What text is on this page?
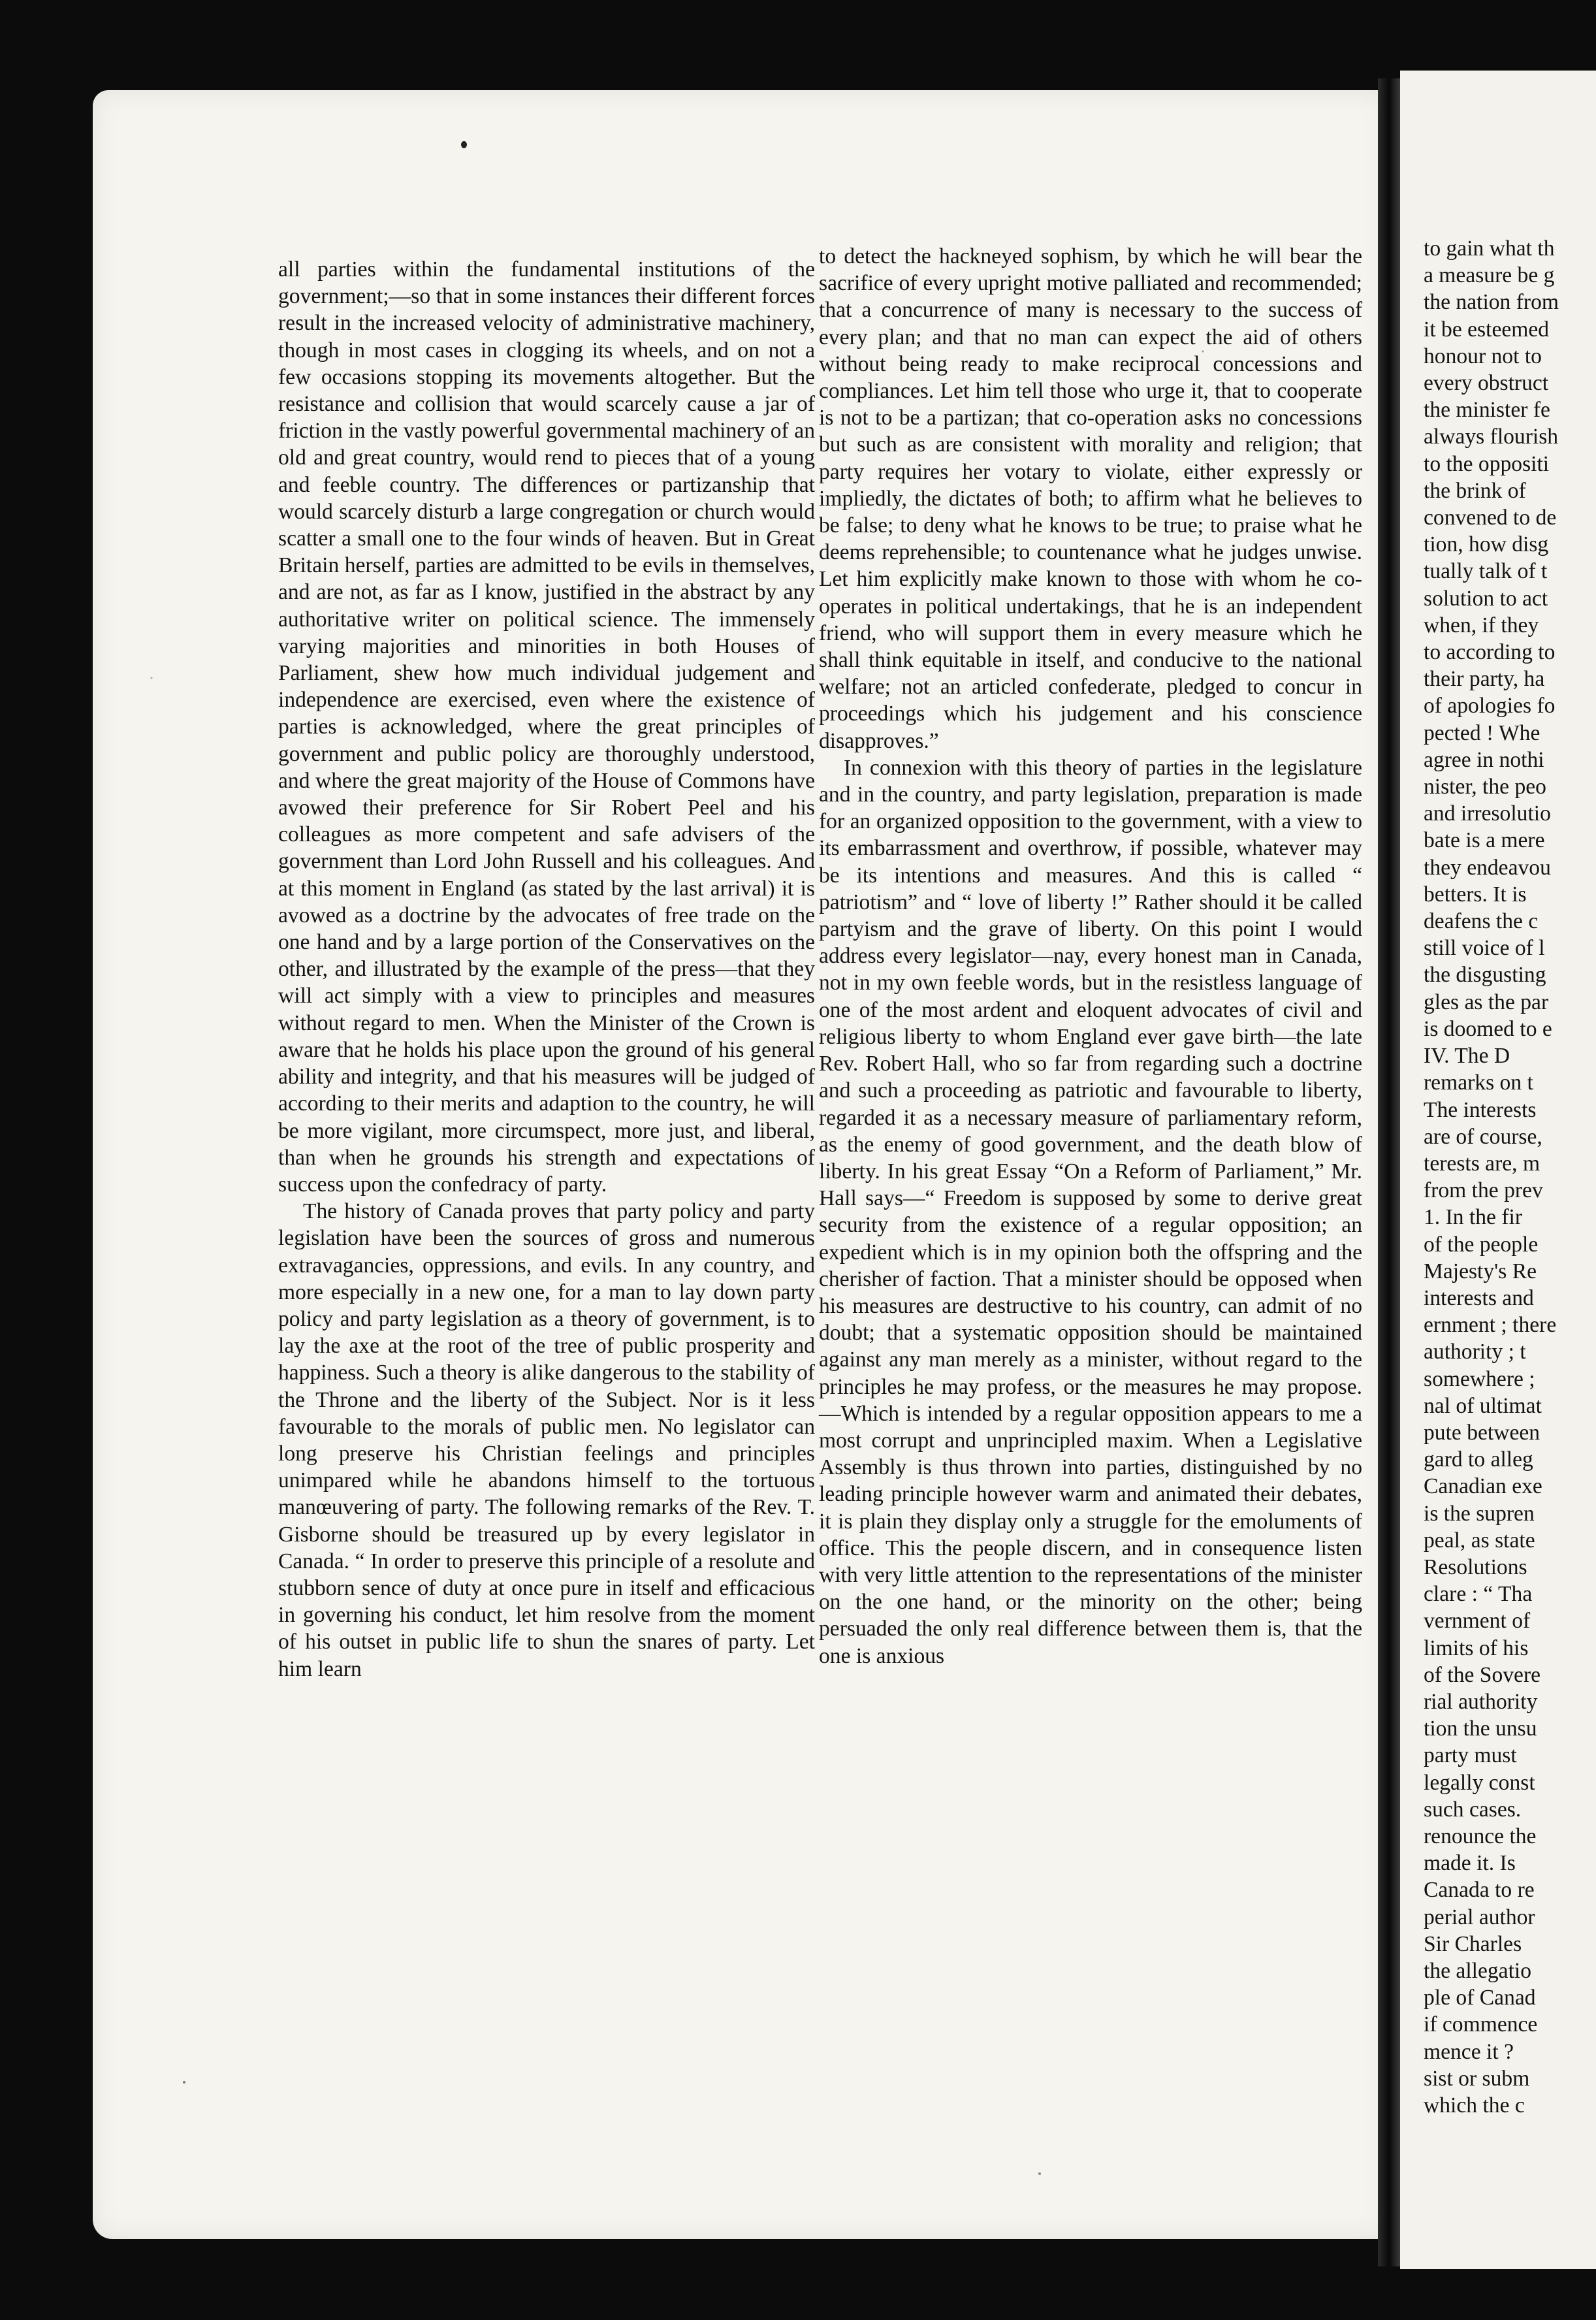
all parties within the fundamental institutions of the government;—so that in some instances their different forces result in the increased velocity of administrative machinery, though in most cases in clogging its wheels, and on not a few occasions stopping its movements altogether. But the resistance and collision that would scarcely cause a jar of friction in the vastly powerful governmental machinery of an old and great country, would rend to pieces that of a young and feeble country. The differences or partizanship that would scarcely disturb a large congregation or church would scatter a small one to the four winds of heaven. But in Great Britain herself, parties are admitted to be evils in themselves, and are not, as far as I know, justified in the abstract by any authoritative writer on political science. The immensely varying majorities and minorities in both Houses of Parliament, shew how much individual judgement and independence are exercised, even where the existence of parties is acknowledged, where the great principles of government and public policy are thoroughly understood, and where the great majority of the House of Commons have avowed their preference for Sir Robert Peel and his colleagues as more competent and safe advisers of the government than Lord John Russell and his colleagues. And at this moment in England (as stated by the last arrival) it is avowed as a doctrine by the advocates of free trade on the one hand and by a large portion of the Conservatives on the other, and illustrated by the example of the press—that they will act simply with a view to principles and measures without regard to men. When the Minister of the Crown is aware that he holds his place upon the ground of his general ability and integrity, and that his measures will be judged of according to their merits and adaption to the country, he will be more vigilant, more circumspect, more just, and liberal, than when he grounds his strength and expectations of success upon the confedracy of party.

The history of Canada proves that party policy and party legislation have been the sources of gross and numerous extravagancies, oppressions, and evils. In any country, and more especially in a new one, for a man to lay down party policy and party legislation as a theory of government, is to lay the axe at the root of the tree of public prosperity and happiness. Such a theory is alike dangerous to the stability of the Throne and the liberty of the Subject. Nor is it less favourable to the morals of public men. No legislator can long preserve his Christian feelings and principles unimpared while he abandons himself to the tortuous manœuvering of party. The following remarks of the Rev. T. Gisborne should be treasured up by every legislator in Canada. “ In order to preserve this principle of a resolute and stubborn sence of duty at once pure in itself and efficacious in governing his conduct, let him resolve from the moment of his outset in public life to shun the snares of party. Let him learn

to detect the hackneyed sophism, by which he will bear the sacrifice of every upright motive palliated and recommended; that a concurrence of many is necessary to the success of every plan; and that no man can expect the aid of others without being ready to make reciprocal concessions and compliances. Let him tell those who urge it, that to cooperate is not to be a partizan; that co-operation asks no concessions but such as are consistent with morality and religion; that party requires her votary to violate, either expressly or impliedly, the dictates of both; to affirm what he believes to be false; to deny what he knows to be true; to praise what he deems reprehensible; to countenance what he judges unwise. Let him explicitly make known to those with whom he co-operates in political undertakings, that he is an independent friend, who will support them in every measure which he shall think equitable in itself, and conducive to the national welfare; not an articled confederate, pledged to concur in proceedings which his judgement and his conscience disapproves.”

In connexion with this theory of parties in the legislature and in the country, and party legislation, preparation is made for an organized opposition to the government, with a view to its embarrassment and overthrow, if possible, whatever may be its intentions and measures. And this is called “ patriotism” and “ love of liberty !” Rather should it be called partyism and the grave of liberty. On this point I would address every legislator—nay, every honest man in Canada, not in my own feeble words, but in the resistless language of one of the most ardent and eloquent advocates of civil and religious liberty to whom England ever gave birth—the late Rev. Robert Hall, who so far from regarding such a doctrine and such a proceeding as patriotic and favourable to liberty, regarded it as a necessary measure of parliamentary reform, as the enemy of good government, and the death blow of liberty. In his great Essay “On a Reform of Parliament,” Mr. Hall says—“ Freedom is supposed by some to derive great security from the existence of a regular opposition; an expedient which is in my opinion both the offspring and the cherisher of faction. That a minister should be opposed when his measures are destructive to his country, can admit of no doubt; that a systematic opposition should be maintained against any man merely as a minister, without regard to the principles he may profess, or the measures he may propose.—Which is intended by a regular opposition appears to me a most corrupt and unprincipled maxim. When a Legislative Assembly is thus thrown into parties, distinguished by no leading principle however warm and animated their debates, it is plain they display only a struggle for the emoluments of office. This the people discern, and in consequence listen with very little attention to the representations of the minister on the one hand, or the minority on the other; being persuaded the only real difference between them is, that the one is anxious

to gain what th
a measure be g
the nation from
it be esteemed
honour not to
every obstruct
the minister fe
always flourish
to the oppositi
the brink of
convened to de
tion, how disg
tually talk of t
solution to act
when, if they
to according to
their party, ha
of apologies fo
pected ! Whe
agree in nothi
nister, the peo
and irresolutio
bate is a mere
they endeavou
betters. It is
deafens the c
still voice of l
the disgusting
gles as the par
is doomed to e
IV. The D
remarks on t
The interests
are of course,
terests are, m
from the prev
1. In the fir
of the people
Majesty's Re
interests and
ernment ; there
authority ; t
somewhere ;
nal of ultimat
pute between
gard to alleg
Canadian exe
is the supren
peal, as state
Resolutions
clare : “ Tha
vernment of
limits of his
of the Sovere
rial authority
tion the unsu
party must
legally const
such cases.
renounce the
made it. Is
Canada to re
perial author
Sir Charles
the allegatio
ple of Canad
if commence
mence it ?
sist or subm
which the c
